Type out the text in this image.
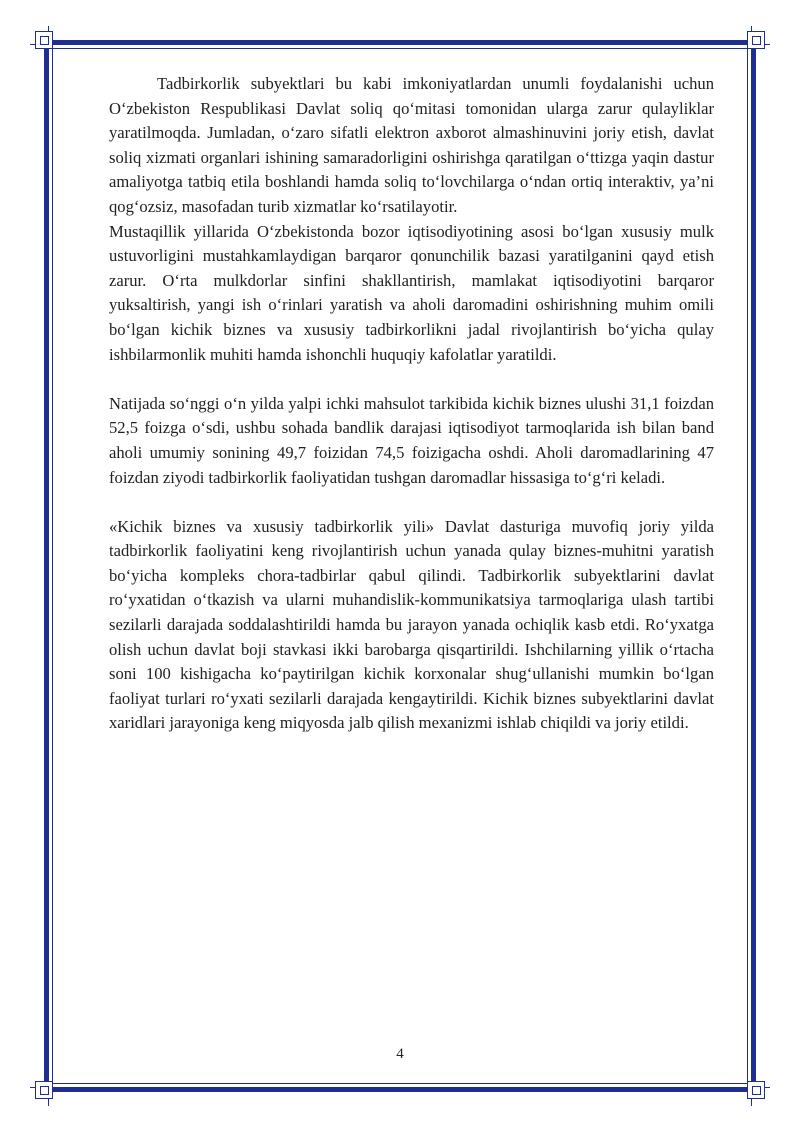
Tadbirkorlik subyektlari bu kabi imkoniyatlardan unumli foydalanishi uchun O‘zbekiston Respublikasi Davlat soliq qo‘mitasi tomonidan ularga zarur qulayliklar yaratilmoqda. Jumladan, o‘zaro sifatli elektron axborot almashinuvini joriy etish, davlat soliq xizmati organlari ishining samaradorligini oshirishga qaratilgan o‘ttizga yaqin dastur amaliyotga tatbiq etila boshlandi hamda soliq to‘lovchilarga o‘ndan ortiq interaktiv, ya’ni qog‘ozsiz, masofadan turib xizmatlar ko‘rsatilayotir.

Mustaqillik yillarida O‘zbekistonda bozor iqtisodiyotining asosi bo‘lgan xususiy mulk ustuvorligini mustahkamlaydigan barqaror qonunchilik bazasi yaratilganini qayd etish zarur. O‘rta mulkdorlar sinfini shakllantirish, mamlakat iqtisodiyotini barqaror yuksaltirish, yangi ish o‘rinlari yaratish va aholi daromadini oshirishning muhim omili bo‘lgan kichik biznes va xususiy tadbirkorlikni jadal rivojlantirish bo‘yicha qulay ishbilarmonlik muhiti hamda ishonchli huquqiy kafolatlar yaratildi.

Natijada so‘nggi o‘n yilda yalpi ichki mahsulot tarkibida kichik biznes ulushi 31,1 foizdan 52,5 foizga o‘sdi, ushbu sohada bandlik darajasi iqtisodiyot tarmoqlarida ish bilan band aholi umumiy sonining 49,7 foizidan 74,5 foizigacha oshdi. Aholi daromadlarining 47 foizdan ziyodi tadbirkorlik faoliyatidan tushgan daromadlar hissasiga to‘g‘ri keladi.

«Kichik biznes va xususiy tadbirkorlik yili» Davlat dasturiga muvofiq joriy yilda tadbirkorlik faoliyatini keng rivojlantirish uchun yanada qulay biznes-muhitni yaratish bo‘yicha kompleks chora-tadbirlar qabul qilindi. Tadbirkorlik subyektlarini davlat ro‘yxatidan o‘tkazish va ularni muhandislik-kommunikatsiya tarmoqlariga ulash tartibi sezilarli darajada soddalashtirildi hamda bu jarayon yanada ochiqlik kasb etdi. Ro‘yxatga olish uchun davlat boji stavkasi ikki barobarga qisqartirildi. Ishchilarning yillik o‘rtacha soni 100 kishigacha ko‘paytirilgan kichik korxonalar shug‘ullanishi mumkin bo‘lgan faoliyat turlari ro‘yxati sezilarli darajada kengaytirildi. Kichik biznes subyektlarini davlat xaridlari jarayoniga keng miqyosda jalb qilish mexanizmi ishlab chiqildi va joriy etildi.

4
